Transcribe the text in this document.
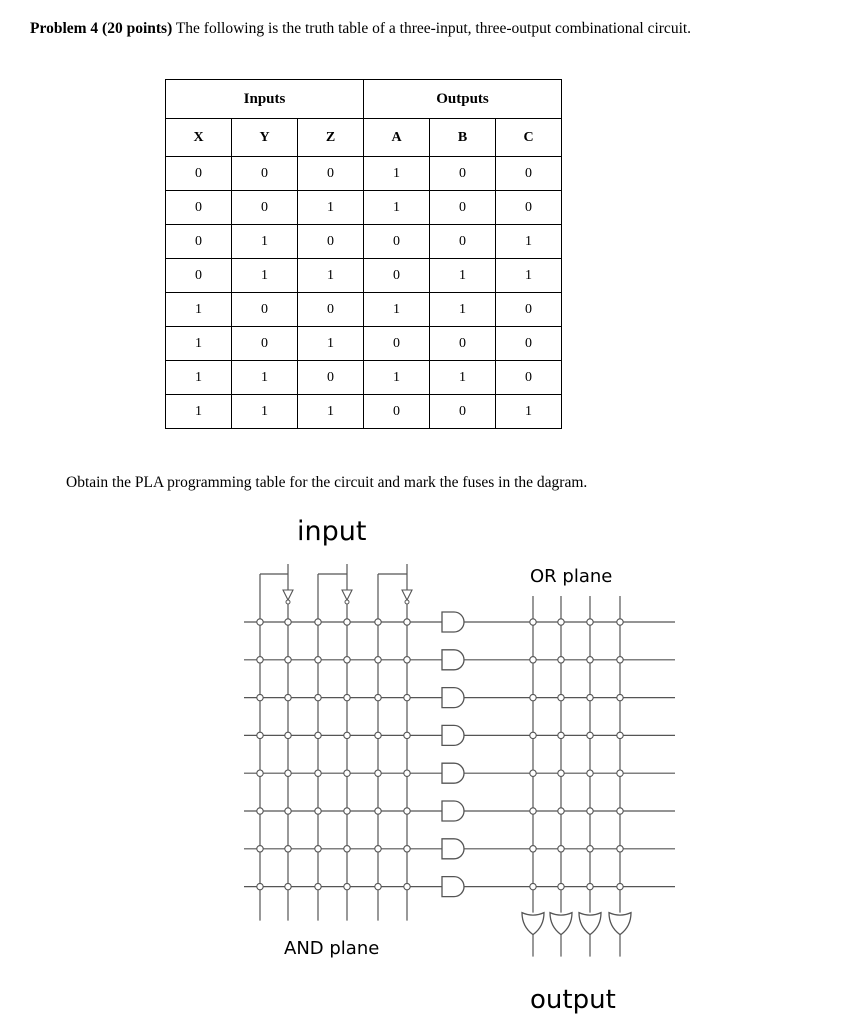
Problem 4 (20 points) The following is the truth table of a three-input, three-output combinational circuit.
Inputs			Outputs		
X	Y	Z	A	B	C
0	0	0	1	0	0
0	0	1	1	0	0
0	1	0	0	0	1
0	1	1	0	1	1
1	0	0	1	1	0
1	0	1	0	0	0
1	1	0	1	1	0
1	1	1	0	0	1
Obtain the PLA programming table for the circuit and mark the fuses in the dagram.
input
OR plane
AND plane
output
